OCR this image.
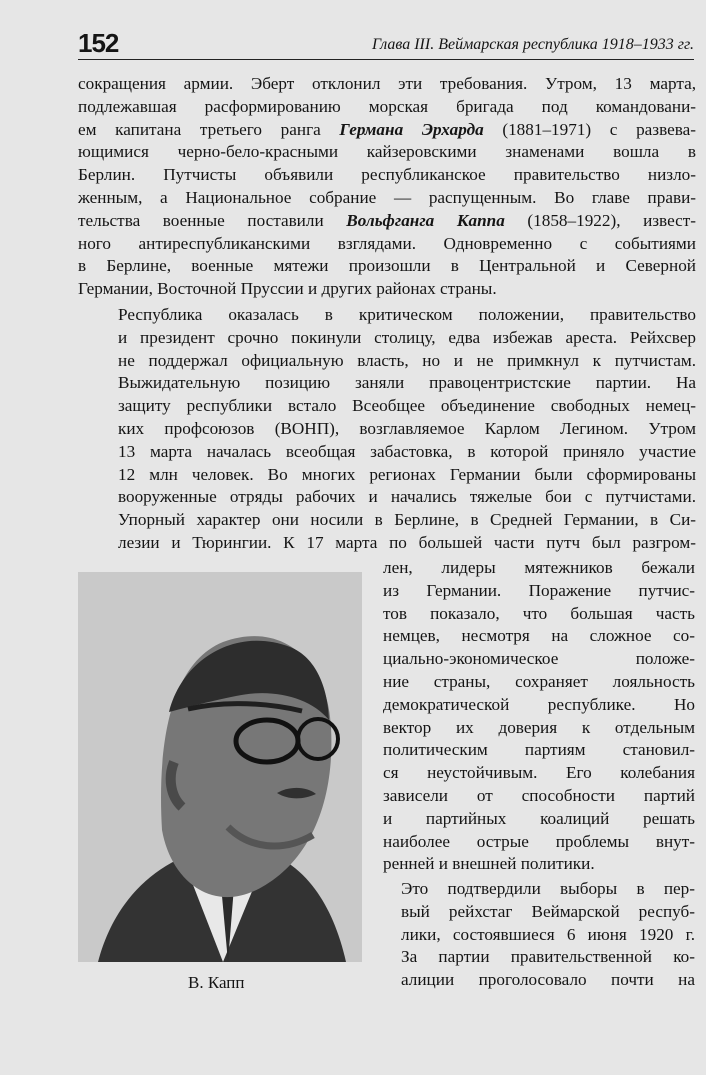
152	Глава III. Веймарская республика 1918–1933 гг.
сокращения армии. Эберт отклонил эти требования. Утром, 13 марта,
подлежавшая расформированию морская бригада под командовани-
ем капитана третьего ранга Германа Эрхарда (1881–1971) с развева-
ющимися черно-бело-красными кайзеровскими знаменами вошла в
Берлин. Путчисты объявили республиканское правительство низло-
женным, а Национальное собрание — распущенным. Во главе прави-
тельства военные поставили Вольфганга Каппа (1858–1922), извест-
ного антиреспубликанскими взглядами. Одновременно с событиями
в Берлине, военные мятежи произошли в Центральной и Северной
Германии, Восточной Пруссии и других районах страны.
Республика оказалась в критическом положении, правительство
и президент срочно покинули столицу, едва избежав ареста. Рейхсвер
не поддержал официальную власть, но и не примкнул к путчистам.
Выжидательную позицию заняли правоцентристские партии. На
защиту республики встало Всеобщее объединение свободных немец-
ких профсоюзов (ВОНП), возглавляемое Карлом Легином. Утром
13 марта началась всеобщая забастовка, в которой приняло участие
12 млн человек. Во многих регионах Германии были сформированы
вооруженные отряды рабочих и начались тяжелые бои с путчистами.
Упорный характер они носили в Берлине, в Средней Германии, в Си-
лезии и Тюрингии. К 17 марта по большей части путч был разгром-
лен, лидеры мятежников бежали
из Германии. Поражение путчис-
тов показало, что большая часть
немцев, несмотря на сложное со-
циально-экономическое положе-
ние страны, сохраняет лояльность
демократической республике. Но
вектор их доверия к отдельным
политическим партиям становил-
ся неустойчивым. Его колебания
зависели от способности партий
и партийных коалиций решать
наиболее острые проблемы внут-
ренней и внешней политики.
Это подтвердили выборы в пер-
вый рейхстаг Веймарской респуб-
лики, состоявшиеся 6 июня 1920 г.
За партии правительственной ко-
алиции проголосовало почти на
В. Капп
